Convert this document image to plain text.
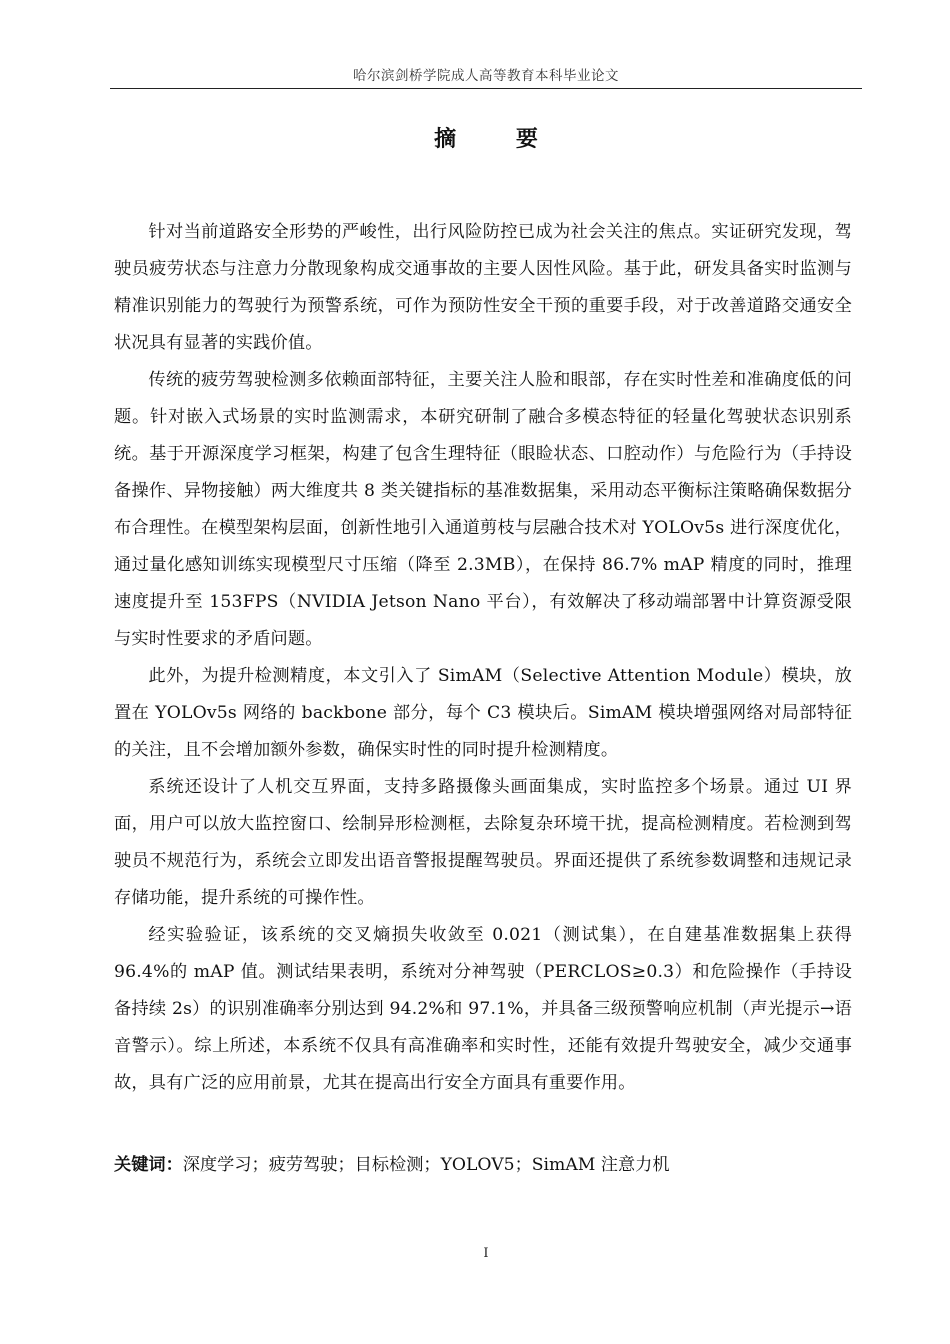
哈尔滨剑桥学院成人高等教育本科毕业论文
摘 要

针对当前道路安全形势的严峻性，出行风险防控已成为社会关注的焦点。实证研究发现，驾驶员疲劳状态与注意力分散现象构成交通事故的主要人因性风险。基于此，研发具备实时监测与精准识别能力的驾驶行为预警系统，可作为预防性安全干预的重要手段，对于改善道路交通安全状况具有显著的实践价值。

传统的疲劳驾驶检测多依赖面部特征，主要关注人脸和眼部，存在实时性差和准确度低的问题。针对嵌入式场景的实时监测需求，本研究研制了融合多模态特征的轻量化驾驶状态识别系统。基于开源深度学习框架，构建了包含生理特征（眼睑状态、口腔动作）与危险行为（手持设备操作、异物接触）两大维度共 8 类关键指标的基准数据集，采用动态平衡标注策略确保数据分布合理性。在模型架构层面，创新性地引入通道剪枝与层融合技术对 YOLOv5s 进行深度优化，通过量化感知训练实现模型尺寸压缩（降至 2.3MB），在保持 86.7% mAP 精度的同时，推理速度提升至 153FPS（NVIDIA Jetson Nano 平台），有效解决了移动端部署中计算资源受限与实时性要求的矛盾问题。

此外，为提升检测精度，本文引入了 SimAM（Selective Attention Module）模块，放置在 YOLOv5s 网络的 backbone 部分，每个 C3 模块后。SimAM 模块增强网络对局部特征的关注，且不会增加额外参数，确保实时性的同时提升检测精度。

系统还设计了人机交互界面，支持多路摄像头画面集成，实时监控多个场景。通过 UI 界面，用户可以放大监控窗口、绘制异形检测框，去除复杂环境干扰，提高检测精度。若检测到驾驶员不规范行为，系统会立即发出语音警报提醒驾驶员。界面还提供了系统参数调整和违规记录存储功能，提升系统的可操作性。

经实验验证，该系统的交叉熵损失收敛至 0.021（测试集），在自建基准数据集上获得 96.4%的 mAP 值。测试结果表明，系统对分神驾驶（PERCLOS≥0.3）和危险操作（手持设备持续 2s）的识别准确率分别达到 94.2%和 97.1%，并具备三级预警响应机制（声光提示→语音警示）。综上所述，本系统不仅具有高准确率和实时性，还能有效提升驾驶安全，减少交通事故，具有广泛的应用前景，尤其在提高出行安全方面具有重要作用。

关键词：深度学习；疲劳驾驶；目标检测；YOLOV5；SimAM 注意力机
I
